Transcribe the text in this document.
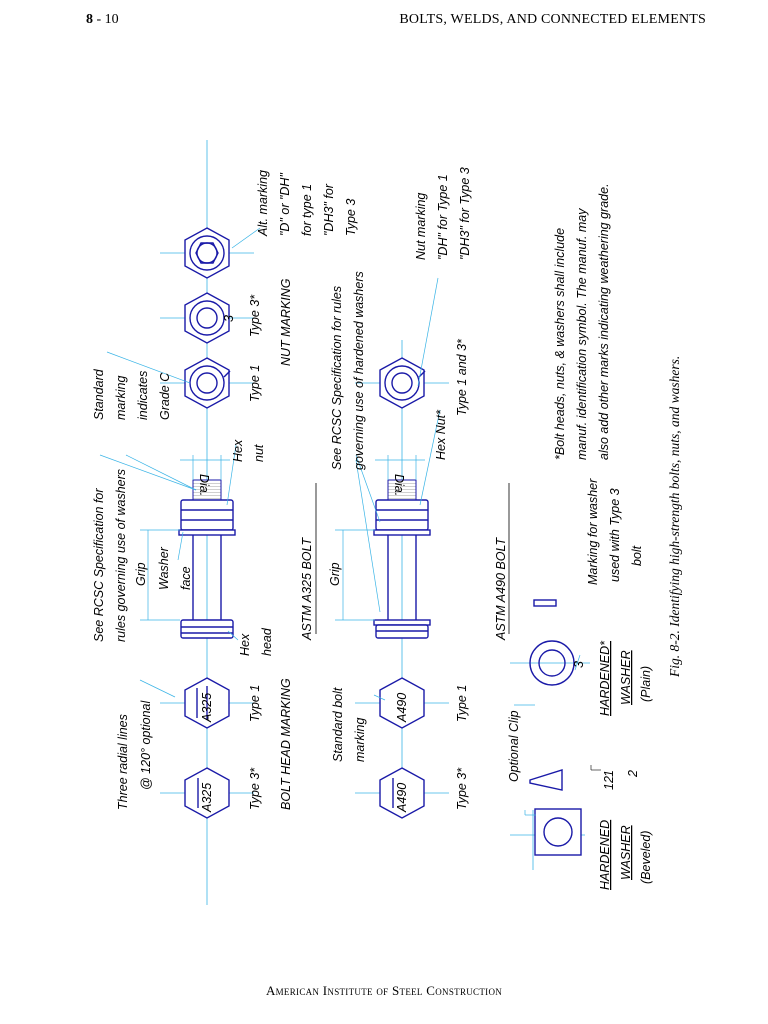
8 - 10	BOLTS, WELDS, AND CONNECTED ELEMENTS
3
A325
A325
A490
A490
3
Three radial lines @ 120° optional	Type 3*
Type 1 BOLT HEAD MARKING
See RCSC Specification for rules governing use of washers Grip Washer face
Hex head
ASTM A325 BOLT
Dia.
Hex nut
Standard marking indicates Grade C	Type 1
Type 3* NUT MARKING
Alt. marking "D" or "DH" for type 1 "DH3" for Type 3
Standard bolt marking
Type 3*
Type 1
See RCSC Specification for rules governing use of hardened washers
Grip
Dia.
Hex Nut*
Type 1 and 3*
ASTM A490 BOLT
Nut marking "DH" for Type 1 "DH3" for Type 3
HARDENED WASHER (Beveled)
Optional Clip	1
12
2
HARDENED* WASHER (Plain)
Marking for washer used with Type 3 bolt
*Bolt heads, nuts, & washers shall include manuf. identification symbol. The manuf. may also add other marks indicating weathering grade.
Fig. 8-2. Identifying high-strength bolts, nuts, and washers.
American Institute of Steel Construction
